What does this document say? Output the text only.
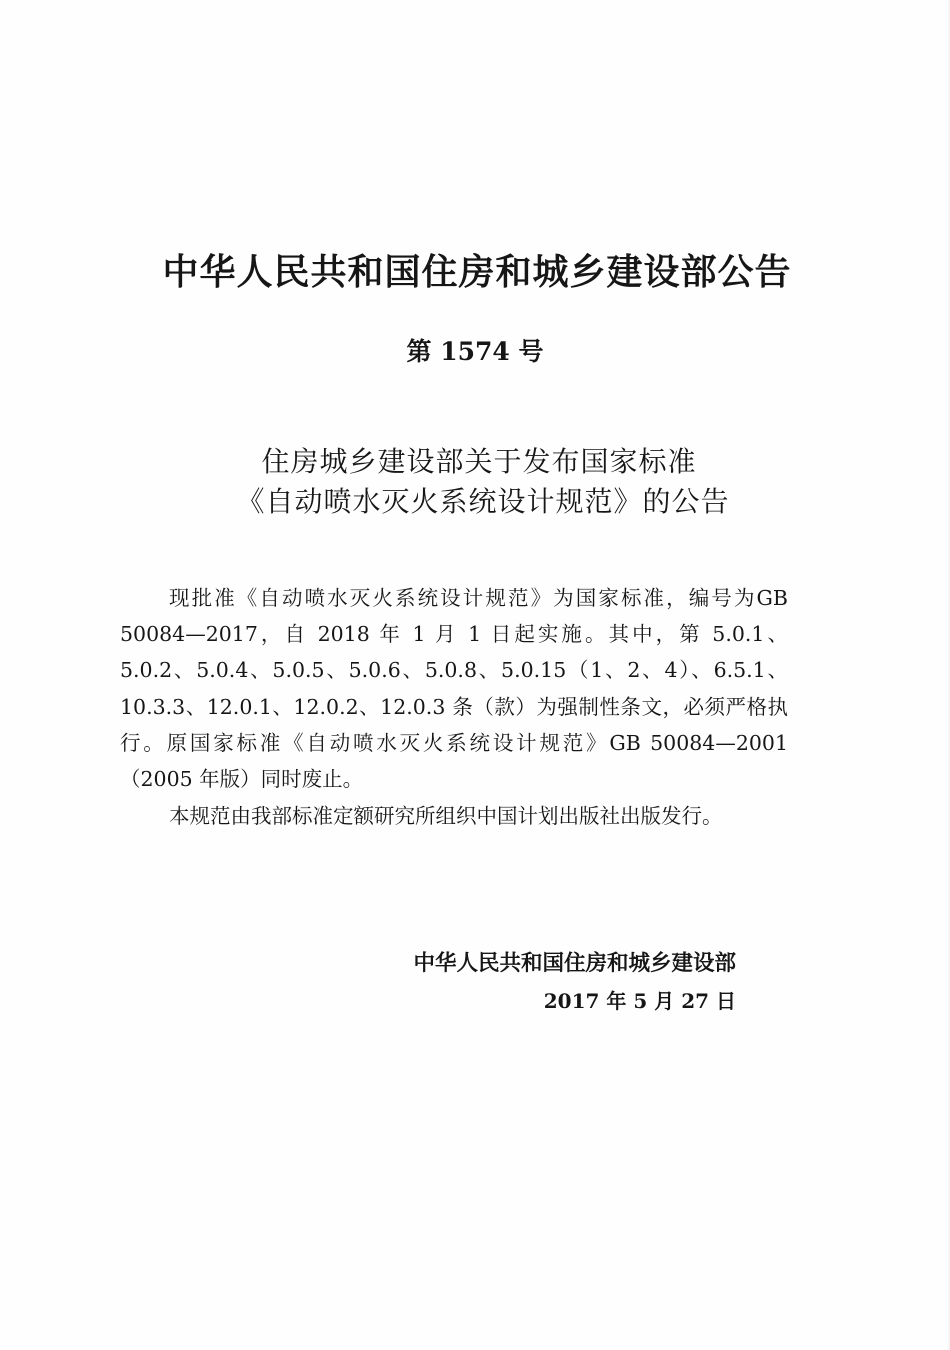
中华人民共和国住房和城乡建设部公告
第 1574 号
住房城乡建设部关于发布国家标准
《自动喷水灭火系统设计规范》的公告

现批准《自动喷水灭火系统设计规范》为国家标准，编号为GB 50084—2017，自 2018 年 1 月 1 日起实施。其中，第 5.0.1、5.0.2、5.0.4、5.0.5、5.0.6、5.0.8、5.0.15（1、2、4）、6.5.1、10.3.3、12.0.1、12.0.2、12.0.3 条（款）为强制性条文，必须严格执行。原国家标准《自动喷水灭火系统设计规范》GB 50084—2001（2005 年版）同时废止。

本规范由我部标准定额研究所组织中国计划出版社出版发行。

中华人民共和国住房和城乡建设部
2017 年 5 月 27 日
